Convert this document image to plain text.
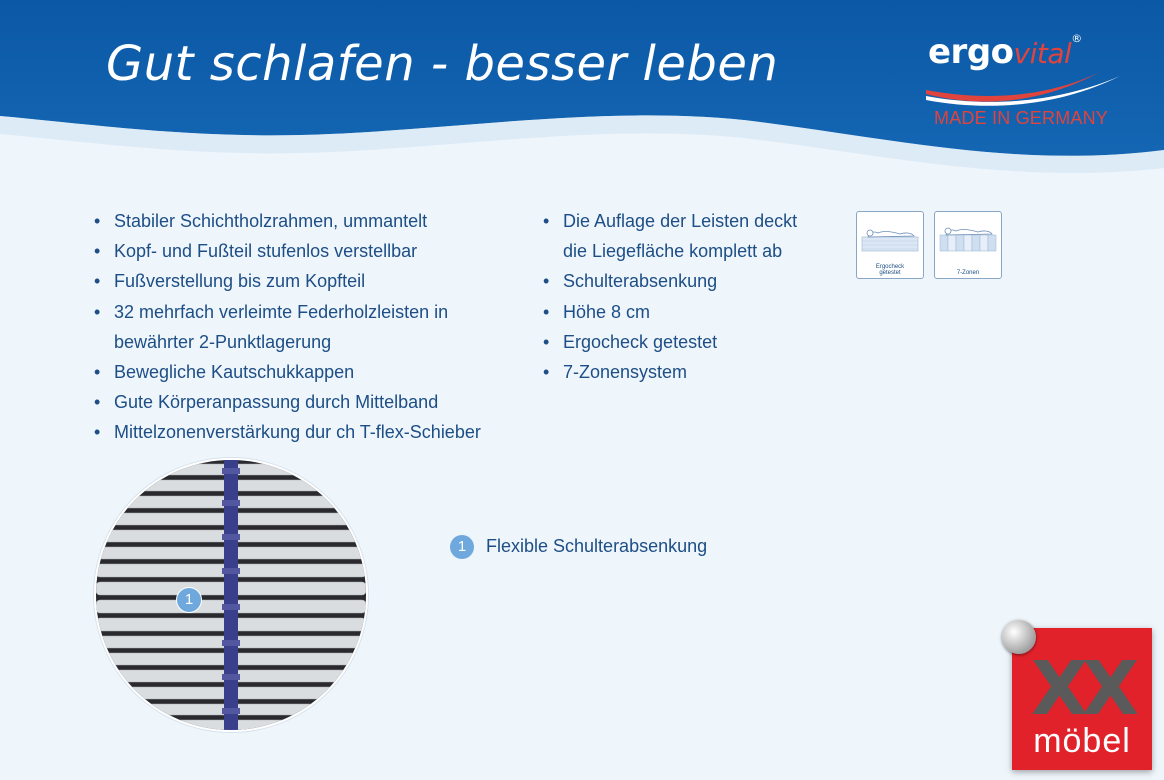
Gut schlafen - besser leben	ergovital®
MADE IN GERMANY
• Stabiler Schichtholzrahmen, ummantelt
• Kopf- und Fußteil stufenlos verstellbar
• Fußverstellung bis zum Kopfteil
• 32 mehrfach verleimte Federholzleisten in
bewährter 2-Punktlagerung
• Bewegliche Kautschukkappen
• Gute Körperanpassung durch Mittelband
• Mittelzonenverstärkung dur ch T-flex-Schieber
• Die Auflage der Leisten deckt
die Liegefläche komplett ab
• Schulterabsenkung
• Höhe 8 cm
• Ergocheck getestet
• 7-Zonensystem
Ergocheck
getestet	7-Zonen
1
1	Flexible Schulterabsenkung
XX
möbel
